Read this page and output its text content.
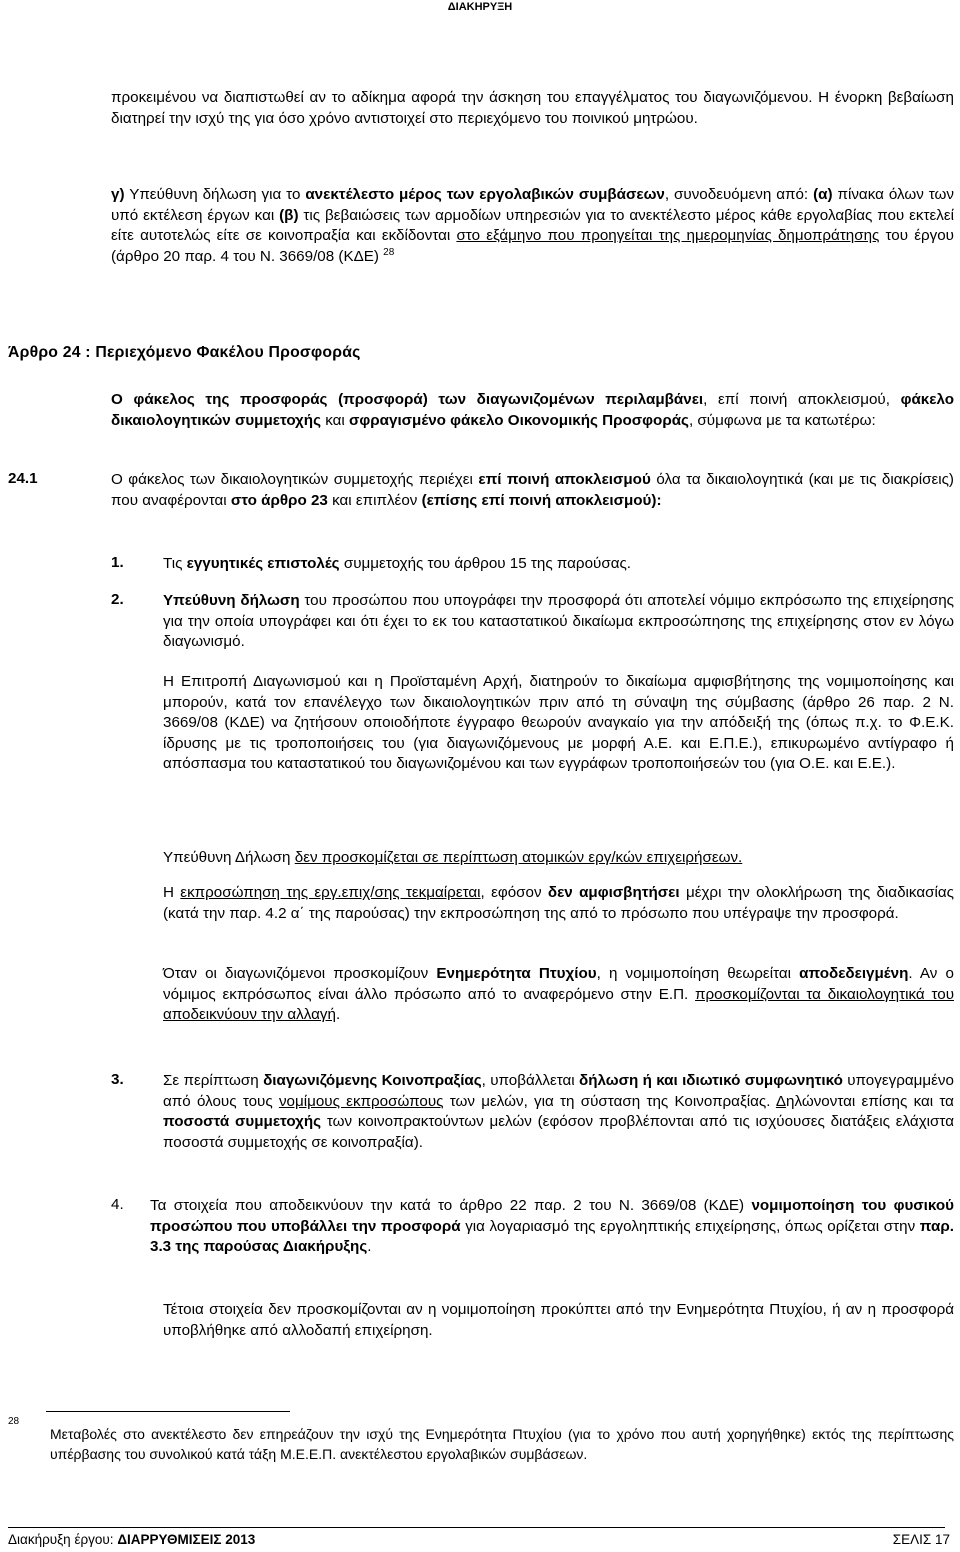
ΔΙΑΚΗΡΥΞΗ

προκειμένου να διαπιστωθεί αν το αδίκημα αφορά την άσκηση του επαγγέλματος του διαγωνιζόμενου. Η ένορκη βεβαίωση διατηρεί την ισχύ της για όσο χρόνο αντιστοιχεί στο περιεχόμενο του ποινικού μητρώου.

γ) Υπεύθυνη δήλωση για το ανεκτέλεστο μέρος των εργολαβικών συμβάσεων, συνοδευόμενη από: (α) πίνακα όλων των υπό εκτέλεση έργων και (β) τις βεβαιώσεις των αρμοδίων υπηρεσιών για το ανεκτέλεστο μέρος κάθε εργολαβίας που εκτελεί είτε αυτοτελώς είτε σε κοινοπραξία και εκδίδονται στο εξάμηνο που προηγείται της ημερομηνίας δημοπράτησης του έργου (άρθρο 20 παρ. 4 του Ν. 3669/08 (ΚΔΕ) $^{28}$

Άρθρο 24 : Περιεχόμενο Φακέλου Προσφοράς

Ο φάκελος της προσφοράς (προσφορά) των διαγωνιζομένων περιλαμβάνει, επί ποινή αποκλεισμού, φάκελο δικαιολογητικών συμμετοχής και σφραγισμένο φάκελο Οικονομικής Προσφοράς, σύμφωνα με τα κατωτέρω:

24.1	Ο φάκελος των δικαιολογητικών συμμετοχής περιέχει επί ποινή αποκλεισμού όλα τα δικαιολογητικά (και με τις διακρίσεις) που αναφέρονται στο άρθρο 23 και επιπλέον (επίσης επί ποινή αποκλεισμού):

1.	Τις εγγυητικές επιστολές συμμετοχής του άρθρου 15 της παρούσας.

2.	Υπεύθυνη δήλωση του προσώπου που υπογράφει την προσφορά ότι αποτελεί νόμιμο εκπρόσωπο της επιχείρησης για την οποία υπογράφει και ότι έχει το εκ του καταστατικού δικαίωμα εκπροσώπησης της επιχείρησης στον εν λόγω διαγωνισμό.

Η Επιτροπή Διαγωνισμού και η Προϊσταμένη Αρχή, διατηρούν το δικαίωμα αμφισβήτησης της νομιμοποίησης και μπορούν, κατά τον επανέλεγχο των δικαιολογητικών πριν από τη σύναψη της σύμβασης (άρθρο 26 παρ. 2 Ν. 3669/08 (ΚΔΕ) να ζητήσουν οποιοδήποτε έγγραφο θεωρούν αναγκαίο για την απόδειξή της (όπως π.χ. το Φ.Ε.Κ. ίδρυσης με τις τροποποιήσεις του (για διαγωνιζόμενους με μορφή Α.Ε. και Ε.Π.Ε.), επικυρωμένο αντίγραφο ή απόσπασμα του καταστατικού του διαγωνιζομένου και των εγγράφων τροποποιήσεών του (για Ο.Ε. και Ε.Ε.).

Υπεύθυνη Δήλωση δεν προσκομίζεται σε περίπτωση ατομικών εργ/κών επιχειρήσεων.

Η εκπροσώπηση της εργ.επιχ/σης τεκμαίρεται, εφόσον δεν αμφισβητήσει μέχρι την ολοκλήρωση της διαδικασίας (κατά την παρ. 4.2 α΄ της παρούσας) την εκπροσώπηση της από το πρόσωπο που υπέγραψε την προσφορά.

Όταν οι διαγωνιζόμενοι προσκομίζουν Ενημερότητα Πτυχίου, η νομιμοποίηση θεωρείται αποδεδειγμένη. Αν ο νόμιμος εκπρόσωπος είναι άλλο πρόσωπο από το αναφερόμενο στην Ε.Π. προσκομίζονται τα δικαιολογητικά του αποδεικνύουν την αλλαγή.

3.	Σε περίπτωση διαγωνιζόμενης Κοινοπραξίας, υποβάλλεται δήλωση ή και ιδιωτικό συμφωνητικό υπογεγραμμένο από όλους τους νομίμους εκπροσώπους των μελών, για τη σύσταση της Κοινοπραξίας. Δηλώνονται επίσης και τα ποσοστά συμμετοχής των κοινοπρακτούντων μελών (εφόσον προβλέπονται από τις ισχύουσες διατάξεις ελάχιστα ποσοστά συμμετοχής σε κοινοπραξία).

4. Τα στοιχεία που αποδεικνύουν την κατά το άρθρο 22 παρ. 2 του Ν. 3669/08 (ΚΔΕ) νομιμοποίηση του φυσικού προσώπου που υποβάλλει την προσφορά για λογαριασμό της εργοληπτικής επιχείρησης, όπως ορίζεται στην παρ. 3.3 της παρούσας Διακήρυξης.

Τέτοια στοιχεία δεν προσκομίζονται αν η νομιμοποίηση προκύπτει από την Ενημερότητα Πτυχίου, ή αν η προσφορά υποβλήθηκε από αλλοδαπή επιχείρηση.

28

Μεταβολές στο ανεκτέλεστο δεν επηρεάζουν την ισχύ της Ενημερότητα Πτυχίου (για το χρόνο που αυτή χορηγήθηκε) εκτός της περίπτωσης υπέρβασης του συνολικού κατά τάξη Μ.Ε.Ε.Π. ανεκτέλεστου εργολαβικών συμβάσεων.

Διακήρυξη έργου: ΔΙΑΡΡΥΘΜΙΣΕΙΣ 2013	ΣΕΛΙΣ 17
